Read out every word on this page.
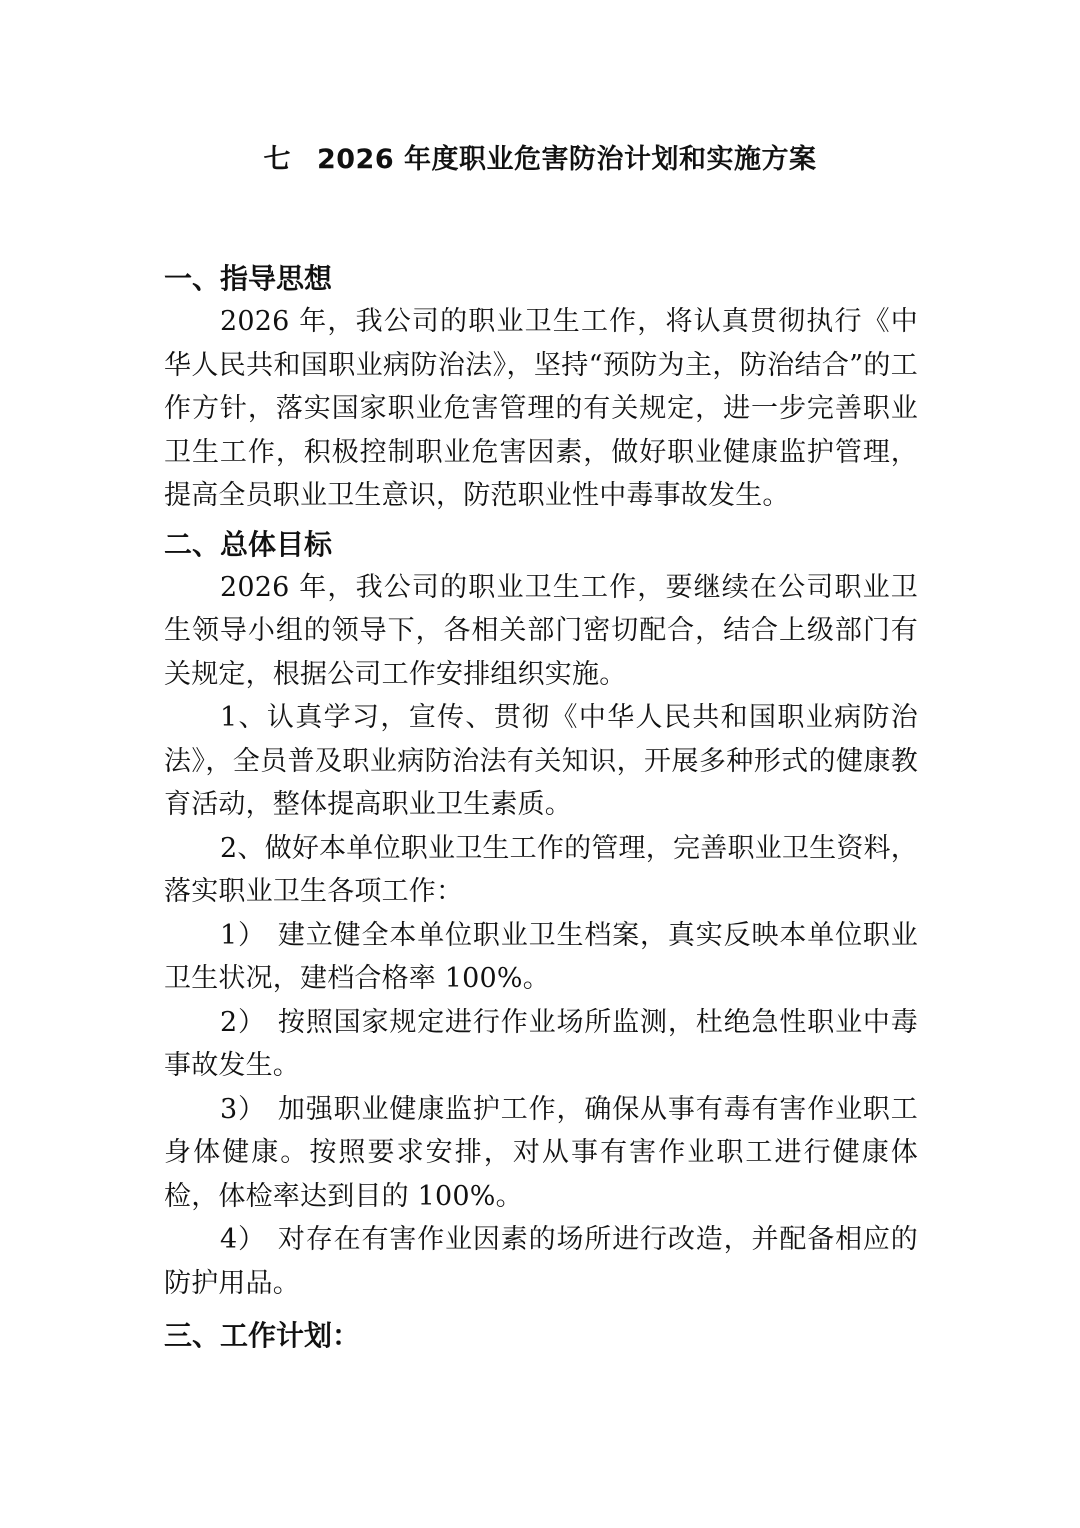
七 2026 年度职业危害防治计划和实施方案
一、指导思想

2026 年，我公司的职业卫生工作，将认真贯彻执行《中华人民共和国职业病防治法》，坚持“预防为主，防治结合”的工作方针，落实国家职业危害管理的有关规定，进一步完善职业卫生工作，积极控制职业危害因素，做好职业健康监护管理，提高全员职业卫生意识，防范职业性中毒事故发生。

二、总体目标

2026 年，我公司的职业卫生工作，要继续在公司职业卫生领导小组的领导下，各相关部门密切配合，结合上级部门有关规定，根据公司工作安排组织实施。

1、认真学习，宣传、贯彻《中华人民共和国职业病防治法》，全员普及职业病防治法有关知识，开展多种形式的健康教育活动，整体提高职业卫生素质。

2、做好本单位职业卫生工作的管理，完善职业卫生资料，落实职业卫生各项工作：

1） 建立健全本单位职业卫生档案，真实反映本单位职业卫生状况，建档合格率 100%。

2） 按照国家规定进行作业场所监测，杜绝急性职业中毒事故发生。

3） 加强职业健康监护工作，确保从事有毒有害作业职工身体健康。按照要求安排，对从事有害作业职工进行健康体检，体检率达到目的 100%。

4） 对存在有害作业因素的场所进行改造，并配备相应的防护用品。

三、工作计划：
